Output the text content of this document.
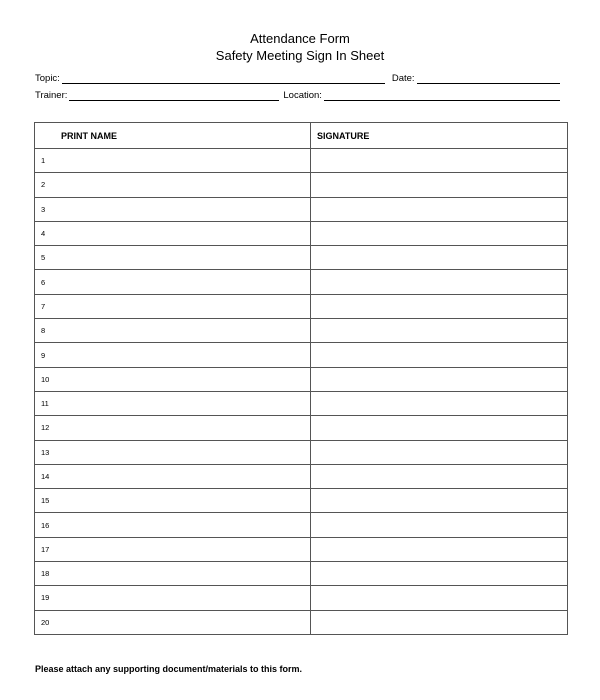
Attendance Form
Safety Meeting Sign In Sheet
Topic:	Date:
Trainer:	Location:
PRINT NAME	SIGNATURE
1	
2	
3	
4	
5	
6	
7	
8	
9	
10	
11	
12	
13	
14	
15	
16	
17	
18	
19	
20	
Please attach any supporting document/materials to this form.
